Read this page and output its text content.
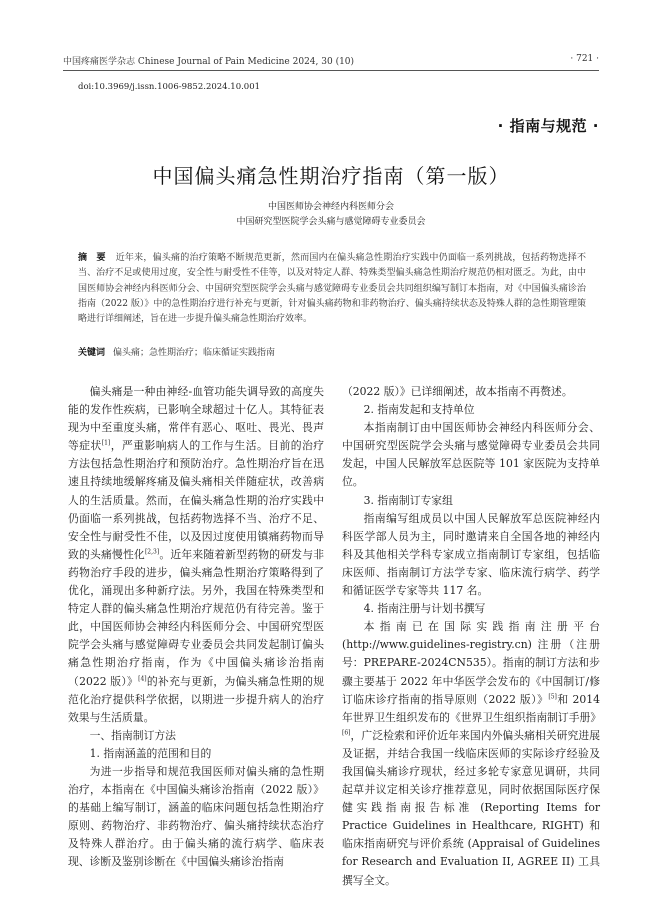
中国疼痛医学杂志 Chinese Journal of Pain Medicine 2024, 30 (10)	· 721 ·
doi:10.3969/j.issn.1006-9852.2024.10.001
· 指南与规范 ·
中国偏头痛急性期治疗指南（第一版）
中国医师协会神经内科医师分会
中国研究型医院学会头痛与感觉障碍专业委员会
摘　要 近年来，偏头痛的治疗策略不断规范更新，然而国内在偏头痛急性期治疗实践中仍面临一系列挑战，包括药物选择不当、治疗不足或使用过度，安全性与耐受性不佳等，以及对特定人群、特殊类型偏头痛急性期治疗规范仍相对匮乏。为此，由中国医师协会神经内科医师分会、中国研究型医院学会头痛与感觉障碍专业委员会共同组织编写制订本指南，对《中国偏头痛诊治指南（2022 版）》中的急性期治疗进行补充与更新，针对偏头痛药物和非药物治疗、偏头痛持续状态及特殊人群的急性期管理策略进行详细阐述，旨在进一步提升偏头痛急性期治疗效率。
关键词 偏头痛；急性期治疗；临床循证实践指南

偏头痛是一种由神经-血管功能失调导致的高度失能的发作性疾病，已影响全球超过十亿人。其特征表现为中至重度头痛，常伴有恶心、呕吐、畏光、畏声等症状[1]，严重影响病人的工作与生活。目前的治疗方法包括急性期治疗和预防治疗。急性期治疗旨在迅速且持续地缓解疼痛及偏头痛相关伴随症状，改善病人的生活质量。然而，在偏头痛急性期的治疗实践中仍面临一系列挑战，包括药物选择不当、治疗不足、安全性与耐受性不佳，以及因过度使用镇痛药物而导致的头痛慢性化[2,3]。近年来随着新型药物的研发与非药物治疗手段的进步，偏头痛急性期治疗策略得到了优化，涌现出多种新疗法。另外，我国在特殊类型和特定人群的偏头痛急性期治疗规范仍有待完善。鉴于此，中国医师协会神经内科医师分会、中国研究型医院学会头痛与感觉障碍专业委员会共同发起制订偏头痛急性期治疗指南，作为《中国偏头痛诊治指南（2022 版）》[4]的补充与更新，为偏头痛急性期的规范化治疗提供科学依据，以期进一步提升病人的治疗效果与生活质量。

一、指南制订方法

1. 指南涵盖的范围和目的

为进一步指导和规范我国医师对偏头痛的急性期治疗，本指南在《中国偏头痛诊治指南（2022 版）》的基础上编写制订，涵盖的临床问题包括急性期治疗原则、药物治疗、非药物治疗、偏头痛持续状态治疗及特殊人群治疗。由于偏头痛的流行病学、临床表现、诊断及鉴别诊断在《中国偏头痛诊治指南

（2022 版）》已详细阐述，故本指南不再赘述。

2. 指南发起和支持单位

本指南制订由中国医师协会神经内科医师分会、中国研究型医院学会头痛与感觉障碍专业委员会共同发起，中国人民解放军总医院等 101 家医院为支持单位。

3. 指南制订专家组

指南编写组成员以中国人民解放军总医院神经内科医学部人员为主，同时邀请来自全国各地的神经内科及其他相关学科专家成立指南制订专家组，包括临床医师、指南制订方法学专家、临床流行病学、药学和循证医学专家等共 117 名。

4. 指南注册与计划书撰写

本指南已在国际实践指南注册平台 (http://www.guidelines-registry.cn) 注册（注册号：PREPARE-2024CN535）。指南的制订方法和步骤主要基于 2022 年中华医学会发布的《中国制订/修订临床诊疗指南的指导原则（2022 版）》[5]和 2014 年世界卫生组织发布的《世界卫生组织指南制订手册》[6]，广泛检索和评价近年来国内外偏头痛相关研究进展及证据，并结合我国一线临床医师的实际诊疗经验及我国偏头痛诊疗现状，经过多轮专家意见调研，共同起草并议定相关诊疗推荐意见，同时依据国际医疗保健实践指南报告标准 (Reporting Items for Practice Guidelines in Healthcare, RIGHT) 和临床指南研究与评价系统 (Appraisal of Guidelines for Research and Evaluation II, AGREE II) 工具撰写全文。
